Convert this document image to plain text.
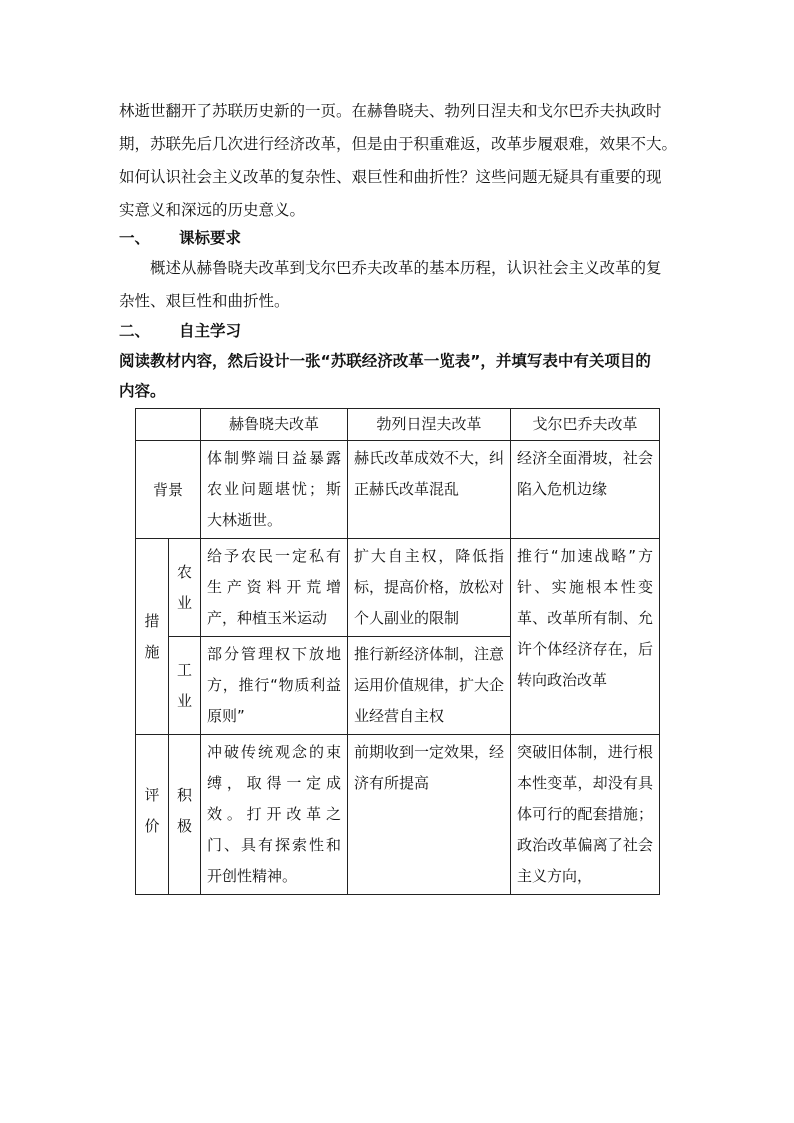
林逝世翻开了苏联历史新的一页。在赫鲁晓夫、勃列日涅夫和戈尔巴乔夫执政时

期，苏联先后几次进行经济改革，但是由于积重难返，改革步履艰难，效果不大。

如何认识社会主义改革的复杂性、艰巨性和曲折性？这些问题无疑具有重要的现

实意义和深远的历史意义。

一、 课标要求

概述从赫鲁晓夫改革到戈尔巴乔夫改革的基本历程，认识社会主义改革的复

杂性、艰巨性和曲折性。

二、 自主学习
阅读教材内容，然后设计一张“苏联经济改革一览表”，并填写表中有关项目的
内容。
		赫鲁晓夫改革	勃列日涅夫改革	戈尔巴乔夫改革
背景		体制弊端日益暴露农业问题堪忧；斯大林逝世。	赫氏改革成效不大，纠正赫氏改革混乱	经济全面滑坡，社会陷入危机边缘

措施	农业	给予农民一定私有生产资料开荒增产，种植玉米运动	扩大自主权，降低指标，提高价格，放松对个人副业的限制	推行“加速战略”方针、实施根本性变革、改革所有制、允许个体经济存在，后转向政治改革

	工业	部分管理权下放地方，推行“物质利益原则”	推行新经济体制，注意运用价值规律，扩大企业经营自主权	

评价	积极	冲破传统观念的束缚，取得一定成效。打开改革之门、具有探索性和开创性精神。	前期收到一定效果，经济有所提高	突破旧体制，进行根本性变革，却没有具体可行的配套措施；政治改革偏离了社会主义方向，
